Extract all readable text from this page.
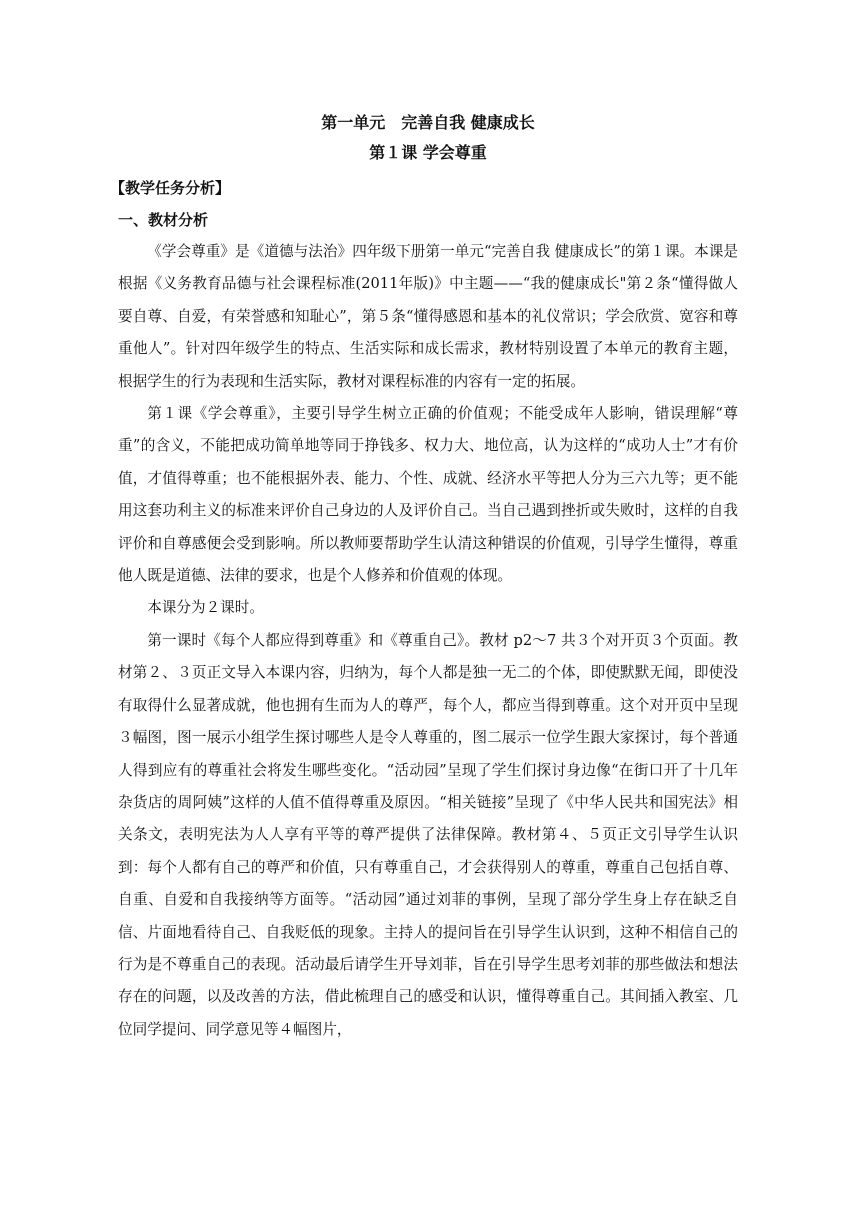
第一单元　完善自我 健康成长

第１课 学会尊重

【教学任务分析】

一、教材分析

《学会尊重》是《道德与法治》四年级下册第一单元“完善自我 健康成长”的第１课。本课是根据《义务教育品德与社会课程标准(2011年版)》中主题——“我的健康成长"第２条“懂得做人要自尊、自爱，有荣誉感和知耻心”，第５条“懂得感恩和基本的礼仪常识；学会欣赏、宽容和尊重他人”。针对四年级学生的特点、生活实际和成长需求，教材特别设置了本单元的教育主题，根据学生的行为表现和生活实际，教材对课程标准的内容有一定的拓展。

第１课《学会尊重》，主要引导学生树立正确的价值观；不能受成年人影响，错误理解“尊重”的含义，不能把成功简单地等同于挣钱多、权力大、地位高，认为这样的“成功人士”才有价值，才值得尊重；也不能根据外表、能力、个性、成就、经济水平等把人分为三六九等；更不能用这套功利主义的标准来评价自己身边的人及评价自己。当自己遇到挫折或失败时，这样的自我评价和自尊感便会受到影响。所以教师要帮助学生认清这种错误的价值观，引导学生懂得，尊重他人既是道德、法律的要求，也是个人修养和价值观的体现。

本课分为２课时。

第一课时《每个人都应得到尊重》和《尊重自己》。教材 p2～7 共３个对开页３个页面。教材第２、３页正文导入本课内容，归纳为，每个人都是独一无二的个体，即使默默无闻，即使没有取得什么显著成就，他也拥有生而为人的尊严，每个人，都应当得到尊重。这个对开页中呈现３幅图，图一展示小组学生探讨哪些人是令人尊重的，图二展示一位学生跟大家探讨，每个普通人得到应有的尊重社会将发生哪些变化。“活动园”呈现了学生们探讨身边像“在街口开了十几年杂货店的周阿姨”这样的人值不值得尊重及原因。“相关链接”呈现了《中华人民共和国宪法》相关条文，表明宪法为人人享有平等的尊严提供了法律保障。教材第４、５页正文引导学生认识到：每个人都有自己的尊严和价值，只有尊重自己，才会获得别人的尊重，尊重自己包括自尊、自重、自爱和自我接纳等方面等。“活动园”通过刘菲的事例，呈现了部分学生身上存在缺乏自信、片面地看待自己、自我贬低的现象。主持人的提问旨在引导学生认识到，这种不相信自己的行为是不尊重自己的表现。活动最后请学生开导刘菲，旨在引导学生思考刘菲的那些做法和想法存在的问题，以及改善的方法，借此梳理自己的感受和认识，懂得尊重自己。其间插入教室、几位同学提问、同学意见等４幅图片，
